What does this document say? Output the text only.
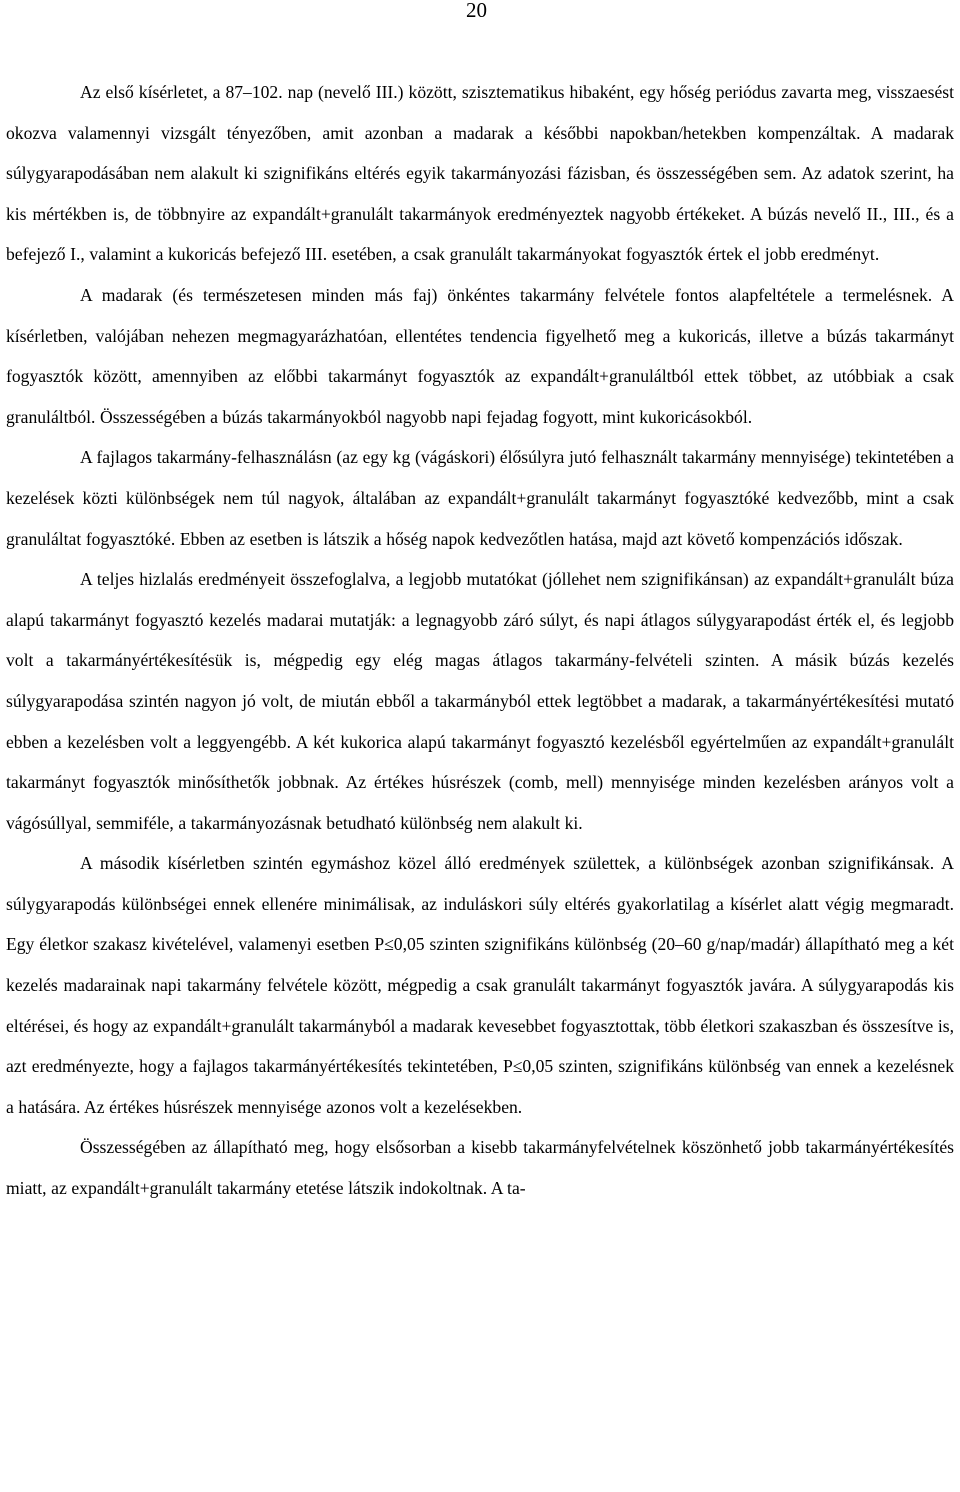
20

Az első kísérletet, a 87–102. nap (nevelő III.) között, szisztematikus hibaként, egy hőség periódus zavarta meg, visszaesést okozva valamennyi vizsgált tényezőben, amit azonban a madarak a későbbi napokban/hetekben kompenzáltak. A madarak súlygyarapodásában nem alakult ki szignifikáns eltérés egyik takarmányozási fázisban, és összességében sem. Az adatok szerint, ha kis mértékben is, de többnyire az expandált+granulált takarmányok eredményeztek nagyobb értékeket. A búzás nevelő II., III., és a befejező I., valamint a kukoricás befejező III. esetében, a csak granulált takarmányokat fogyasztók értek el jobb eredményt.

A madarak (és természetesen minden más faj) önkéntes takarmány felvétele fontos alapfeltétele a termelésnek. A kísérletben, valójában nehezen megmagyarázhatóan, ellentétes tendencia figyelhető meg a kukoricás, illetve a búzás takarmányt fogyasztók között, amennyiben az előbbi takarmányt fogyasztók az expandált+granuláltból ettek többet, az utóbbiak a csak granuláltból. Összességében a búzás takarmányokból nagyobb napi fejadag fogyott, mint kukoricásokból.

A fajlagos takarmány-felhasználásn (az egy kg (vágáskori) élősúlyra jutó felhasznált takarmány mennyisége) tekintetében a kezelések közti különbségek nem túl nagyok, általában az expandált+granulált takarmányt fogyasztóké kedvezőbb, mint a csak granuláltat fogyasztóké. Ebben az esetben is látszik a hőség napok kedvezőtlen hatása, majd azt követő kompenzációs időszak.

A teljes hizlalás eredményeit összefoglalva, a legjobb mutatókat (jóllehet nem szignifikánsan) az expandált+granulált búza alapú takarmányt fogyasztó kezelés madarai mutatják: a legnagyobb záró súlyt, és napi átlagos súlygyarapodást érték el, és legjobb volt a takarmányértékesítésük is, mégpedig egy elég magas átlagos takarmány-felvételi szinten. A másik búzás kezelés súlygyarapodása szintén nagyon jó volt, de miután ebből a takarmányból ettek legtöbbet a madarak, a takarmányértékesítési mutató ebben a kezelésben volt a leggyengébb. A két kukorica alapú takarmányt fogyasztó kezelésből egyértelműen az expandált+granulált takarmányt fogyasztók minősíthetők jobbnak. Az értékes húsrészek (comb, mell) mennyisége minden kezelésben arányos volt a vágósúllyal, semmiféle, a takarmányozásnak betudható különbség nem alakult ki.

A második kísérletben szintén egymáshoz közel álló eredmények születtek, a különbségek azonban szignifikánsak. A súlygyarapodás különbségei ennek ellenére minimálisak, az induláskori súly eltérés gyakorlatilag a kísérlet alatt végig megmaradt. Egy életkor szakasz kivételével, valamenyi esetben P≤0,05 szinten szignifikáns különbség (20–60 g/nap/madár) állapítható meg a két kezelés madarainak napi takarmány felvétele között, mégpedig a csak granulált takarmányt fogyasztók javára. A súlygyarapodás kis eltérései, és hogy az expandált+granulált takarmányból a madarak kevesebbet fogyasztottak, több életkori szakaszban és összesítve is, azt eredményezte, hogy a fajlagos takarmányértékesítés tekintetében, P≤0,05 szinten, szignifikáns különbség van ennek a kezelésnek a hatására. Az értékes húsrészek mennyisége azonos volt a kezelésekben.

Összességében az állapítható meg, hogy elsősorban a kisebb takarmányfelvételnek köszönhető jobb takarmányértékesítés miatt, az expandált+granulált takarmány etetése látszik indokoltnak. A ta-
